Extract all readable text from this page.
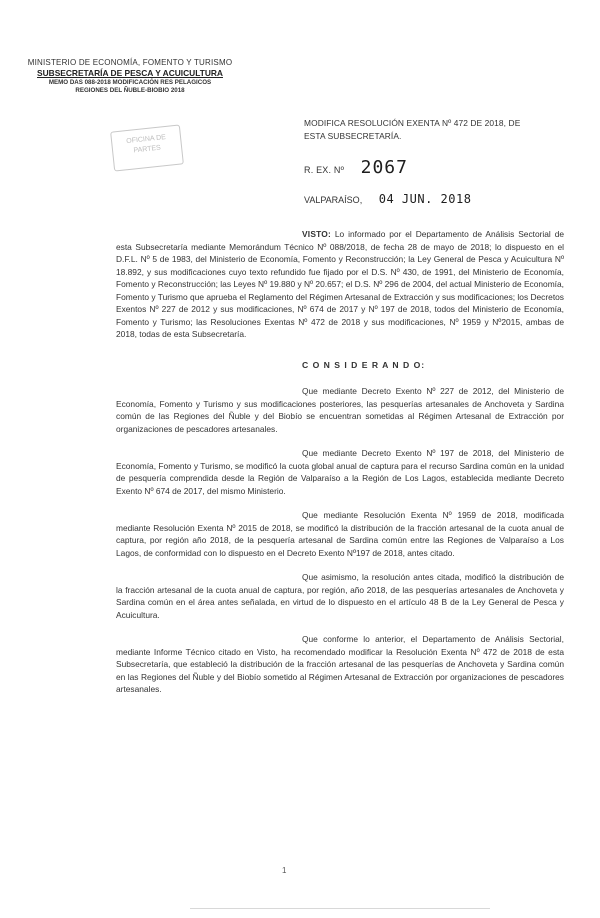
MINISTERIO DE ECONOMÍA, FOMENTO Y TURISMO
SUBSECRETARÍA DE PESCA Y ACUICULTURA
MEMO DAS 088-2018 MODIFICACIÓN RES PELAGICOS
REGIONES DEL ÑUBLE-BIOBIO 2018
OFICINA DE
PARTES
MODIFICA RESOLUCIÓN EXENTA Nº 472 DE 2018, DE
ESTA SUBSECRETARÍA.
R. EX. Nº 2067
VALPARAÍSO, 04 JUN. 2018

VISTO: Lo informado por el Departamento de Análisis Sectorial de esta Subsecretaría mediante Memorándum Técnico Nº 088/2018, de fecha 28 de mayo de 2018; lo dispuesto en el D.F.L. Nº 5 de 1983, del Ministerio de Economía, Fomento y Reconstrucción; la Ley General de Pesca y Acuicultura Nº 18.892, y sus modificaciones cuyo texto refundido fue fijado por el D.S. Nº 430, de 1991, del Ministerio de Economía, Fomento y Reconstrucción; las Leyes Nº 19.880 y Nº 20.657; el D.S. Nº 296 de 2004, del actual Ministerio de Economía, Fomento y Turismo que aprueba el Reglamento del Régimen Artesanal de Extracción y sus modificaciones; los Decretos Exentos Nº 227 de 2012 y sus modificaciones, Nº 674 de 2017 y Nº 197 de 2018, todos del Ministerio de Economía, Fomento y Turismo; las Resoluciones Exentas Nº 472 de 2018 y sus modificaciones, Nº 1959 y Nº2015, ambas de 2018, todas de esta Subsecretaría.

C O N S I D E R A N D O:

Que mediante Decreto Exento Nº 227 de 2012, del Ministerio de Economía, Fomento y Turismo y sus modificaciones posteriores, las pesquerías artesanales de Anchoveta y Sardina común de las Regiones del Ñuble y del Biobío se encuentran sometidas al Régimen Artesanal de Extracción por organizaciones de pescadores artesanales.

Que mediante Decreto Exento Nº 197 de 2018, del Ministerio de Economía, Fomento y Turismo, se modificó la cuota global anual de captura para el recurso Sardina común en la unidad de pesquería comprendida desde la Región de Valparaíso a la Región de Los Lagos, establecida mediante Decreto Exento Nº 674 de 2017, del mismo Ministerio.

Que mediante Resolución Exenta Nº 1959 de 2018, modificada mediante Resolución Exenta Nº 2015 de 2018, se modificó la distribución de la fracción artesanal de la cuota anual de captura, por región año 2018, de la pesquería artesanal de Sardina común entre las Regiones de Valparaíso a Los Lagos, de conformidad con lo dispuesto en el Decreto Exento Nº197 de 2018, antes citado.

Que asimismo, la resolución antes citada, modificó la distribución de la fracción artesanal de la cuota anual de captura, por región, año 2018, de las pesquerías artesanales de Anchoveta y Sardina común en el área antes señalada, en virtud de lo dispuesto en el artículo 48 B de la Ley General de Pesca y Acuicultura.

Que conforme lo anterior, el Departamento de Análisis Sectorial, mediante Informe Técnico citado en Visto, ha recomendado modificar la Resolución Exenta Nº 472 de 2018 de esta Subsecretaría, que estableció la distribución de la fracción artesanal de las pesquerías de Anchoveta y Sardina común en las Regiones del Ñuble y del Biobío sometido al Régimen Artesanal de Extracción por organizaciones de pescadores artesanales.

1
